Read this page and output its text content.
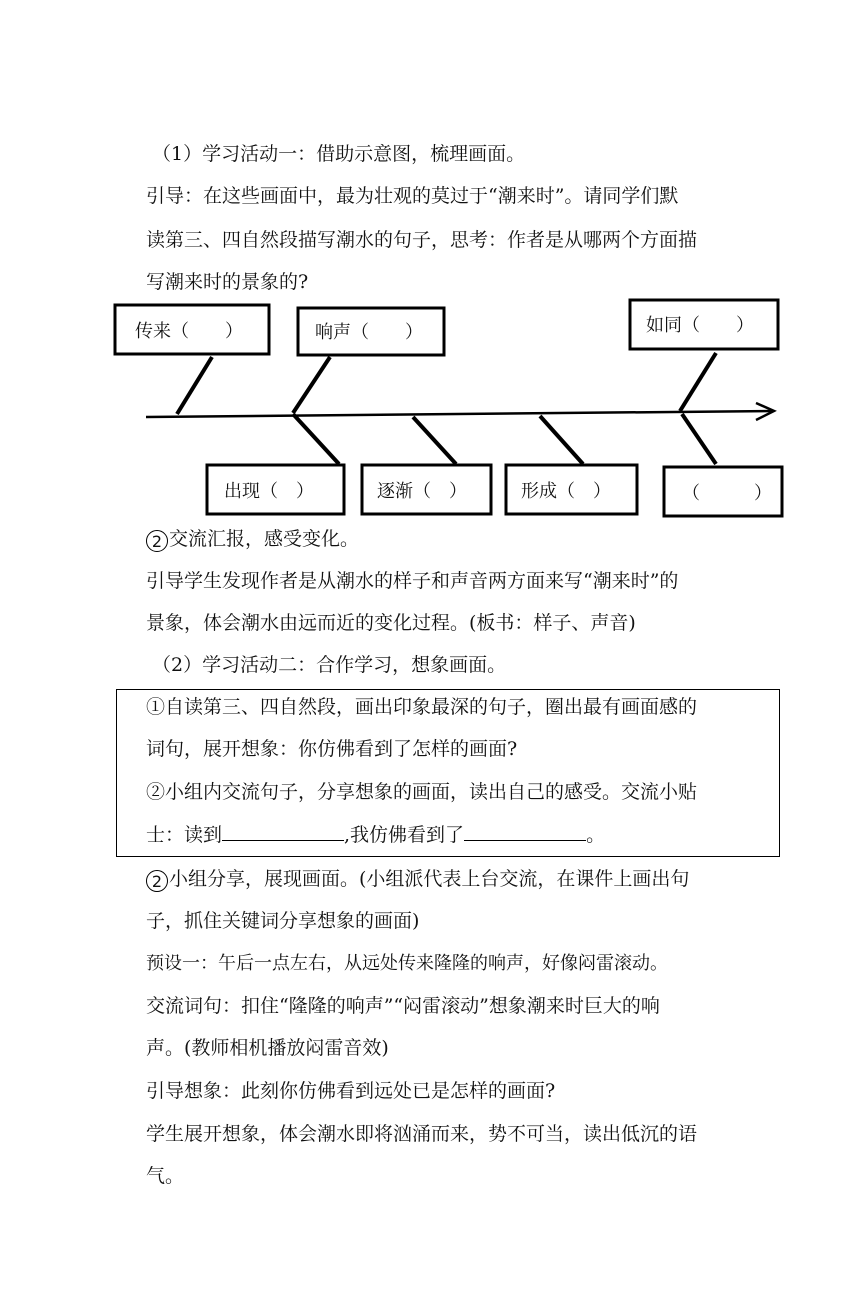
（1）学习活动一：借助示意图，梳理画面。
引导：在这些画面中，最为壮观的莫过于“潮来时”。请同学们默
读第三、四自然段描写潮水的句子，思考：作者是从哪两个方面描
写潮来时的景象的?
传来（　　）	响声（　　）	如同（　　）
出现（　）	逐渐（　）	形成（　）	（　　　）
2 交流汇报，感受变化。
引导学生发现作者是从潮水的样子和声音两方面来写“潮来时”的
景象，体会潮水由远而近的变化过程。(板书：样子、声音)
（2）学习活动二：合作学习，想象画面。
①自读第三、四自然段，画出印象最深的句子，圈出最有画面感的
词句，展开想象：你仿佛看到了怎样的画面?
②小组内交流句子，分享想象的画面，读出自己的感受。交流小贴
士：读到	,我仿佛看到了	。
2 小组分享，展现画面。(小组派代表上台交流，在课件上画出句
子，抓住关键词分享想象的画面)
预设一：午后一点左右，从远处传来隆隆的响声，好像闷雷滚动。
交流词句：扣住“隆隆的响声”“闷雷滚动”想象潮来时巨大的响
声。(教师相机播放闷雷音效)
引导想象：此刻你仿佛看到远处已是怎样的画面?
学生展开想象，体会潮水即将汹涌而来，势不可当，读出低沉的语
气。
